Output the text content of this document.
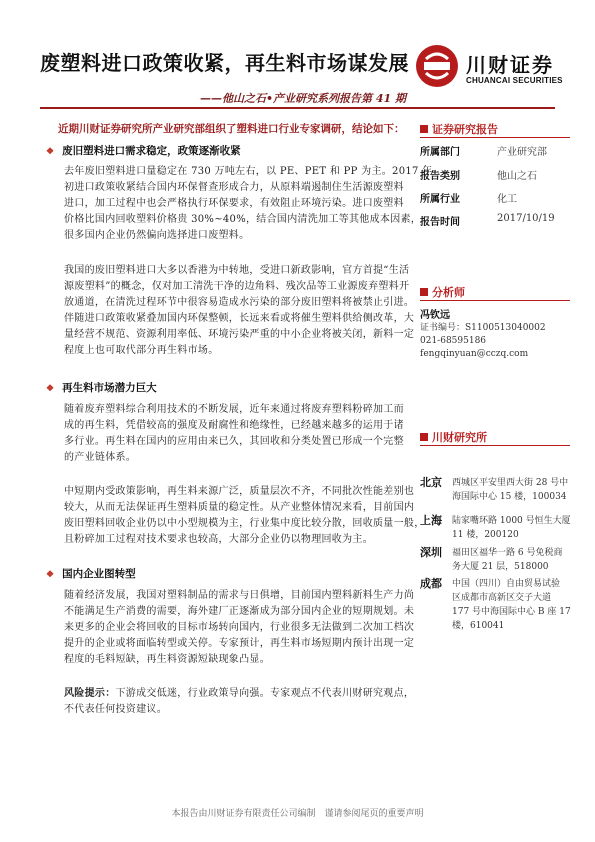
废塑料进口政策收紧，再生料市场谋发展
——他山之石•产业研究系列报告第 41 期
川财证券
CHUANCAI SECURITIES
近期川财证券研究所产业研究部组织了塑料进口行业专家调研，结论如下：
❖ 废旧塑料进口需求稳定，政策逐渐收紧
去年废旧塑料进口量稳定在 730 万吨左右，以 PE、PET 和 PP 为主。2017 年
初进口政策收紧结合国内环保督查形成合力，从原料端遏制住生活源废塑料
进口，加工过程中也会严格执行环保要求，有效阻止环境污染。进口废塑料
价格比国内回收塑料价格贵 30%~40%，结合国内清洗加工等其他成本因素，
很多国内企业仍然偏向选择进口废塑料。
我国的废旧塑料进口大多以香港为中转地，受进口新政影响，官方首提“生活
源废塑料”的概念，仅对加工清洗干净的边角料、残次品等工业源废弃塑料开
放通道，在清洗过程环节中很容易造成水污染的部分废旧塑料将被禁止引进。
伴随进口政策收紧叠加国内环保整顿，长远来看或将催生塑料供给侧改革，大
量经营不规范、资源利用率低、环境污染严重的中小企业将被关闭，新料一定
程度上也可取代部分再生料市场。
❖ 再生料市场潜力巨大
随着废弃塑料综合利用技术的不断发展，近年来通过将废弃塑料粉碎加工而
成的再生料，凭借较高的强度及耐腐性和绝缘性，已经越来越多的运用于诸
多行业。再生料在国内的应用由来已久，其回收和分类处置已形成一个完整
的产业链体系。
中短期内受政策影响，再生料来源广泛，质量层次不齐，不同批次性能差别也
较大，从而无法保证再生塑料质量的稳定性。从产业整体情况来看，目前国内
废旧塑料回收企业仍以中小型规模为主，行业集中度比较分散，回收质量一般，
且粉碎加工过程对技术要求也较高，大部分企业仍以物理回收为主。
❖ 国内企业图转型
随着经济发展，我国对塑料制品的需求与日俱增，目前国内塑料新料生产力尚
不能满足生产消费的需要，海外建厂正逐渐成为部分国内企业的短期规划。未
来更多的企业会将回收的目标市场转向国内，行业很多无法做到二次加工档次
提升的企业或将面临转型或关停。专家预计，再生料市场短期内预计出现一定
程度的毛料短缺，再生料资源短缺现象凸显。
风险提示：下游成交低迷，行业政策导向强。专家观点不代表川财研究观点，
不代表任何投资建议。
证券研究报告
所属部门	产业研究部
报告类别	他山之石
所属行业	化工
报告时间	2017/10/19
分析师
冯钦远
证书编号：S1100513040002
021-68595186
fengqinyuan@cczq.com
川财研究所
北京 西城区平安里西大街 28 号中
海国际中心 15 楼，100034
上海 陆家嘴环路 1000 号恒生大厦
11 楼，200120
深圳 福田区福华一路 6 号免税商
务大厦 21 层，518000
成都 中国（四川）自由贸易试验
区成都市高新区交子大道
177 号中海国际中心 B 座 17
楼，610041
本报告由川财证券有限责任公司编制　谨请参阅尾页的重要声明
